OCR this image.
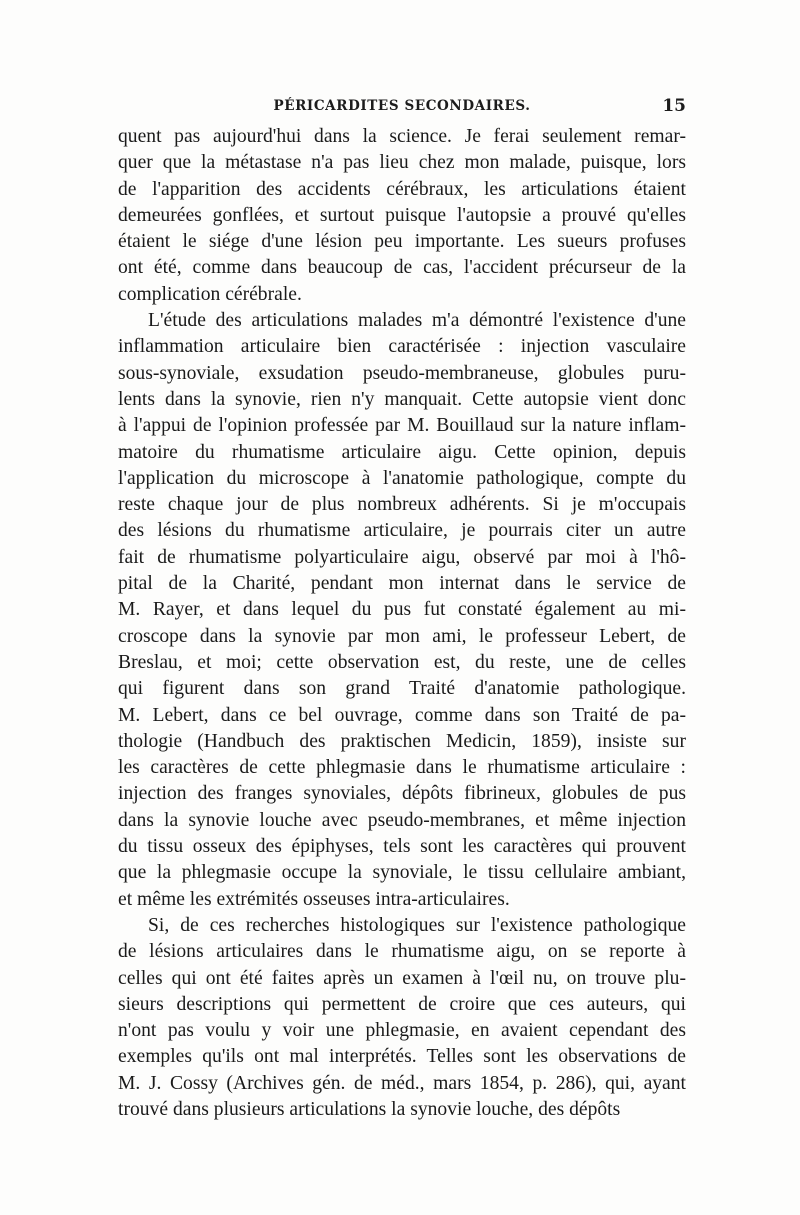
PÉRICARDITES SECONDAIRES.	15
quent pas aujourd'hui dans la science. Je ferai seulement remar-
quer que la métastase n'a pas lieu chez mon malade, puisque, lors
de l'apparition des accidents cérébraux, les articulations étaient
demeurées gonflées, et surtout puisque l'autopsie a prouvé qu'elles
étaient le siége d'une lésion peu importante. Les sueurs profuses
ont été, comme dans beaucoup de cas, l'accident précurseur de la
complication cérébrale.
L'étude des articulations malades m'a démontré l'existence d'une
inflammation articulaire bien caractérisée : injection vasculaire
sous-synoviale, exsudation pseudo-membraneuse, globules puru-
lents dans la synovie, rien n'y manquait. Cette autopsie vient donc
à l'appui de l'opinion professée par M. Bouillaud sur la nature inflam-
matoire du rhumatisme articulaire aigu. Cette opinion, depuis
l'application du microscope à l'anatomie pathologique, compte du
reste chaque jour de plus nombreux adhérents. Si je m'occupais
des lésions du rhumatisme articulaire, je pourrais citer un autre
fait de rhumatisme polyarticulaire aigu, observé par moi à l'hô-
pital de la Charité, pendant mon internat dans le service de
M. Rayer, et dans lequel du pus fut constaté également au mi-
croscope dans la synovie par mon ami, le professeur Lebert, de
Breslau, et moi; cette observation est, du reste, une de celles
qui figurent dans son grand Traité d'anatomie pathologique.
M. Lebert, dans ce bel ouvrage, comme dans son Traité de pa-
thologie (Handbuch des praktischen Medicin, 1859), insiste sur
les caractères de cette phlegmasie dans le rhumatisme articulaire :
injection des franges synoviales, dépôts fibrineux, globules de pus
dans la synovie louche avec pseudo-membranes, et même injection
du tissu osseux des épiphyses, tels sont les caractères qui prouvent
que la phlegmasie occupe la synoviale, le tissu cellulaire ambiant,
et même les extrémités osseuses intra-articulaires.
Si, de ces recherches histologiques sur l'existence pathologique
de lésions articulaires dans le rhumatisme aigu, on se reporte à
celles qui ont été faites après un examen à l'œil nu, on trouve plu-
sieurs descriptions qui permettent de croire que ces auteurs, qui
n'ont pas voulu y voir une phlegmasie, en avaient cependant des
exemples qu'ils ont mal interprétés. Telles sont les observations de
M. J. Cossy (Archives gén. de méd., mars 1854, p. 286), qui, ayant
trouvé dans plusieurs articulations la synovie louche, des dépôts
